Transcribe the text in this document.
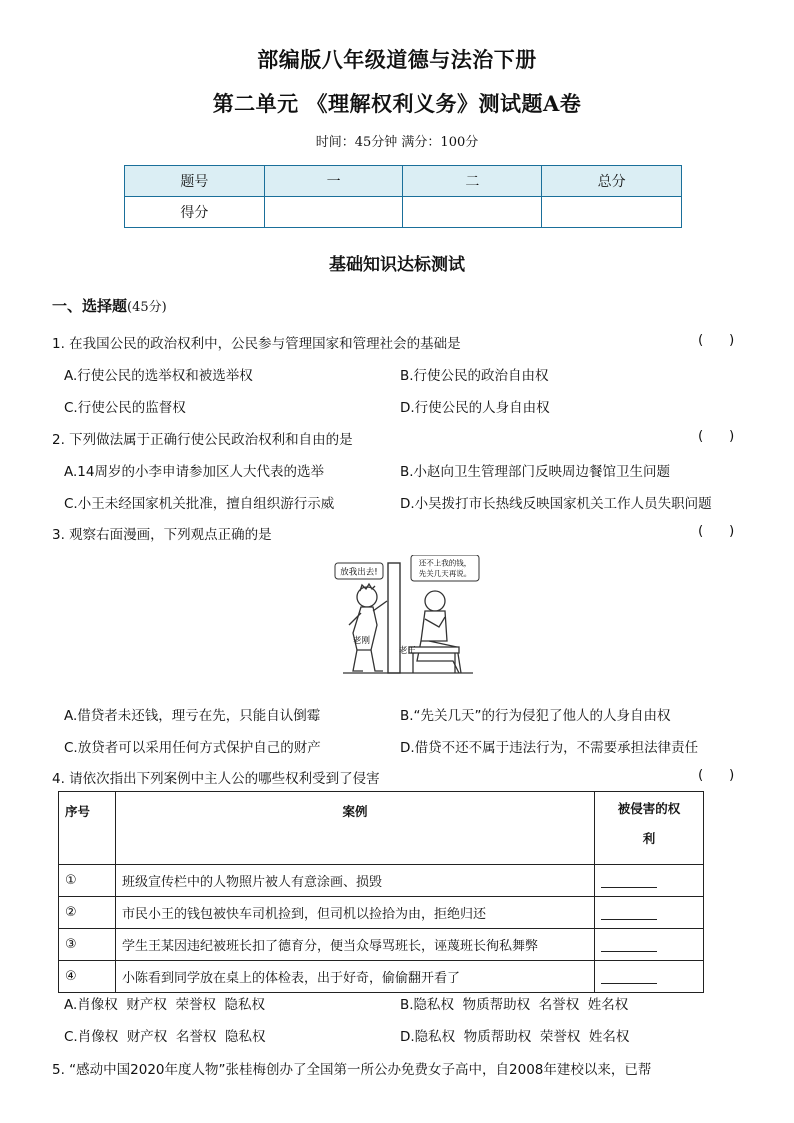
部编版八年级道德与法治下册
第二单元 《理解权利义务》测试题A卷
时间：45分钟 满分：100分
题号	一	二	总分
得分			
基础知识达标测试
一、选择题(45分)
1. 在我国公民的政治权利中，公民参与管理国家和管理社会的基础是	(      )
A.行使公民的选举权和被选举权	B.行使公民的政治自由权
C.行使公民的监督权	D.行使公民的人身自由权
2. 下列做法属于正确行使公民政治权利和自由的是	(      )
A.14周岁的小李申请参加区人大代表的选举	B.小赵向卫生管理部门反映周边餐馆卫生问题
C.小王未经国家机关批准，擅自组织游行示威	D.小吴拨打市长热线反映国家机关工作人员失职问题
3. 观察右面漫画，下列观点正确的是	(      )
放我出去!
还不上我的钱，
先关几天再说。
老刚
老王
A.借贷者未还钱，理亏在先，只能自认倒霉	B.“先关几天”的行为侵犯了他人的人身自由权
C.放贷者可以采用任何方式保护自己的财产	D.借贷不还不属于违法行为，不需要承担法律责任
4. 请依次指出下列案例中主人公的哪些权利受到了侵害	(      )
序号	案例	被侵害的权
利
①	班级宣传栏中的人物照片被人有意涂画、损毁	
②	市民小王的钱包被快车司机捡到，但司机以捡拾为由，拒绝归还	
③	学生王某因违纪被班长扣了德育分，便当众辱骂班长，诬蔑班长徇私舞弊	
④	小陈看到同学放在桌上的体检表，出于好奇，偷偷翻开看了	
A.肖像权  财产权  荣誉权  隐私权	B.隐私权  物质帮助权  名誉权  姓名权
C.肖像权  财产权  名誉权  隐私权	D.隐私权  物质帮助权  荣誉权  姓名权
5. “感动中国2020年度人物”张桂梅创办了全国第一所公办免费女子高中，自2008年建校以来，已帮
